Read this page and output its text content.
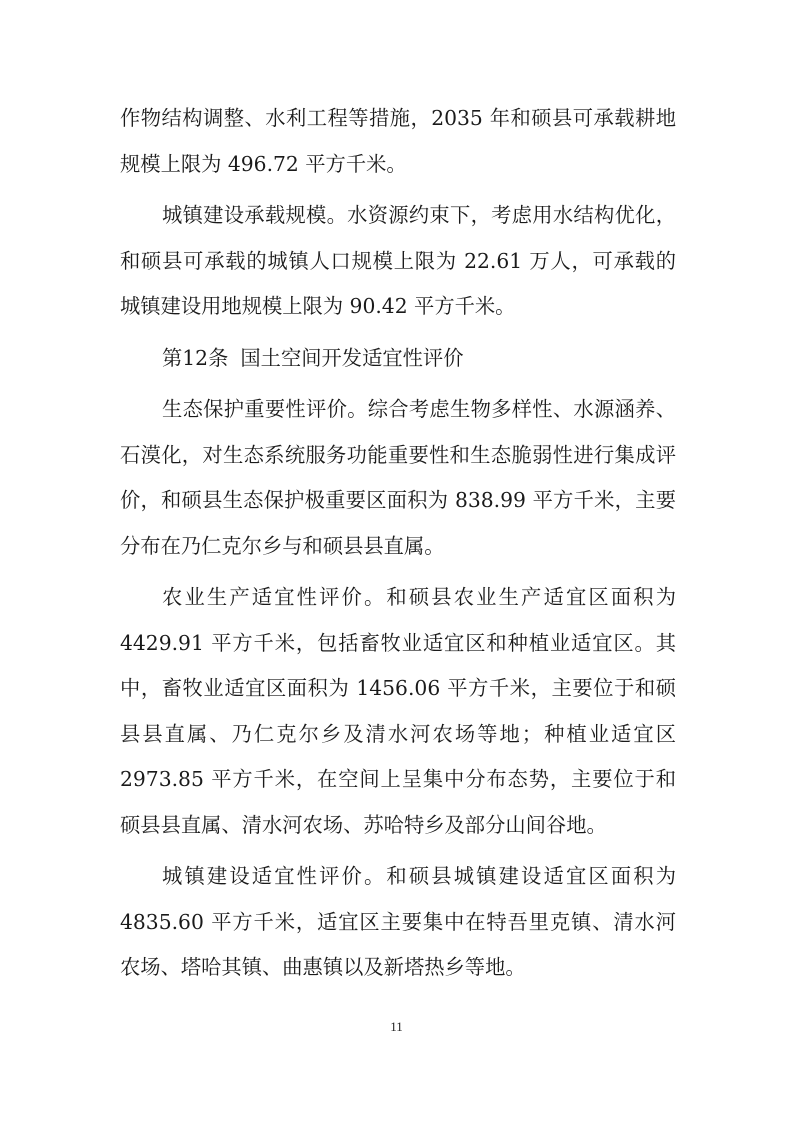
作物结构调整、水利工程等措施，2035 年和硕县可承载耕地规模上限为 496.72 平方千米。

城镇建设承载规模。水资源约束下，考虑用水结构优化，和硕县可承载的城镇人口规模上限为 22.61 万人，可承载的城镇建设用地规模上限为 90.42 平方千米。

第12条 国土空间开发适宜性评价

生态保护重要性评价。综合考虑生物多样性、水源涵养、石漠化，对生态系统服务功能重要性和生态脆弱性进行集成评价，和硕县生态保护极重要区面积为 838.99 平方千米，主要分布在乃仁克尔乡与和硕县县直属。

农业生产适宜性评价。和硕县农业生产适宜区面积为4429.91 平方千米，包括畜牧业适宜区和种植业适宜区。其中，畜牧业适宜区面积为 1456.06 平方千米，主要位于和硕县县直属、乃仁克尔乡及清水河农场等地；种植业适宜区2973.85 平方千米，在空间上呈集中分布态势，主要位于和硕县县直属、清水河农场、苏哈特乡及部分山间谷地。

城镇建设适宜性评价。和硕县城镇建设适宜区面积为4835.60 平方千米，适宜区主要集中在特吾里克镇、清水河农场、塔哈其镇、曲惠镇以及新塔热乡等地。

11
